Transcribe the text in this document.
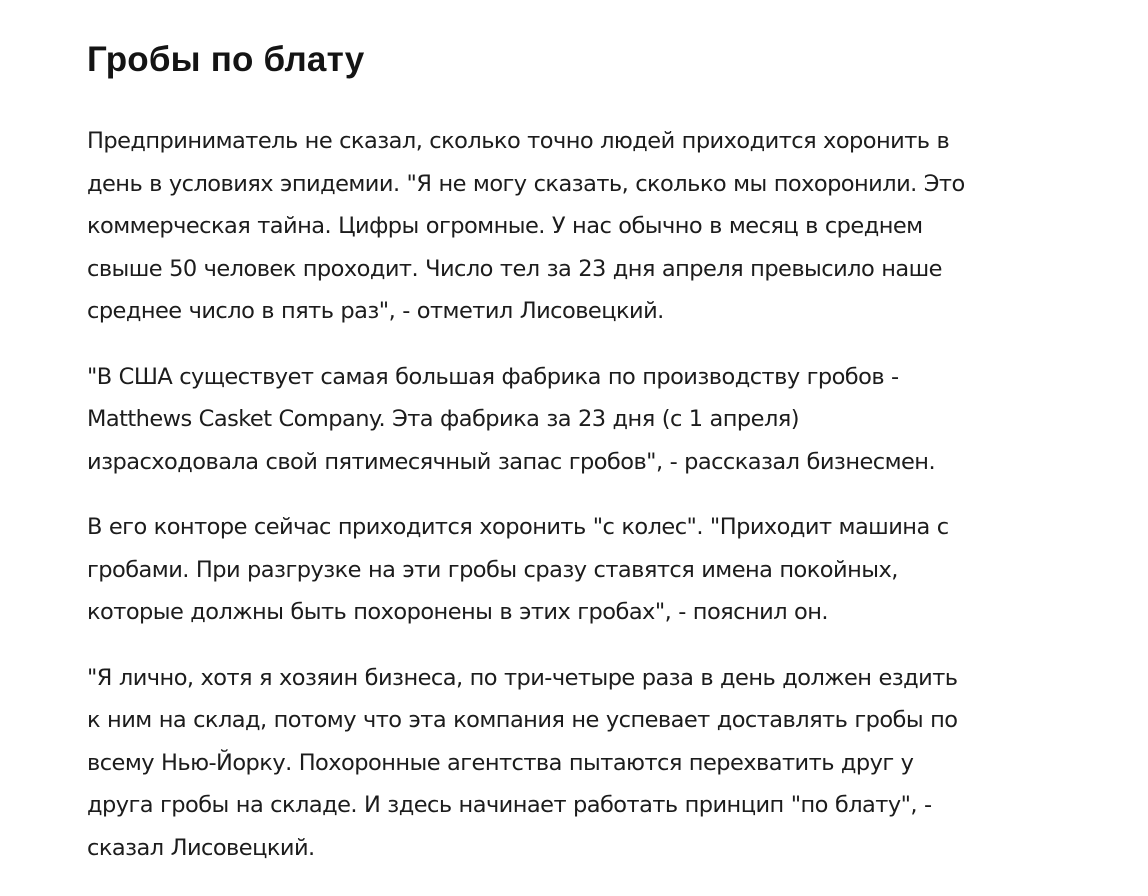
Гробы по блату

Предприниматель не сказал, сколько точно людей приходится хоронить в
день в условиях эпидемии. "Я не могу сказать, сколько мы похоронили. Это
коммерческая тайна. Цифры огромные. У нас обычно в месяц в среднем
свыше 50 человек проходит. Число тел за 23 дня апреля превысило наше
среднее число в пять раз", - отметил Лисовецкий.

"В США существует самая большая фабрика по производству гробов -
Matthews Casket Company. Эта фабрика за 23 дня (с 1 апреля)
израсходовала свой пятимесячный запас гробов", - рассказал бизнесмен.

В его конторе сейчас приходится хоронить "с колес". "Приходит машина с
гробами. При разгрузке на эти гробы сразу ставятся имена покойных,
которые должны быть похоронены в этих гробах", - пояснил он.

"Я лично, хотя я хозяин бизнеса, по три-четыре раза в день должен ездить
к ним на склад, потому что эта компания не успевает доставлять гробы по
всему Нью-Йорку. Похоронные агентства пытаются перехватить друг у
друга гробы на складе. И здесь начинает работать принцип "по блату", -
сказал Лисовецкий.
